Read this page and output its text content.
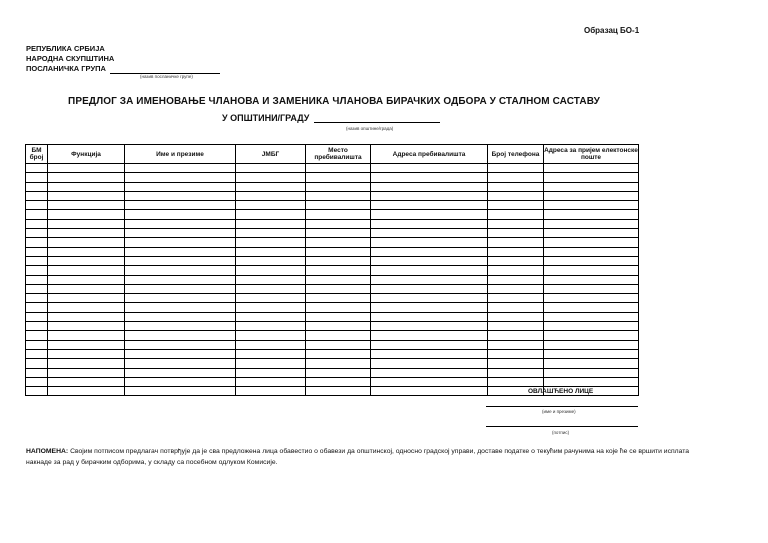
Образац БО-1
РЕПУБЛИКА СРБИЈА
НАРОДНА СКУПШТИНА
ПОСЛАНИЧКА ГРУПА
(назив посланичке групе)
ПРЕДЛОГ ЗА ИМЕНОВАЊЕ ЧЛАНОВА И ЗАМЕНИКА ЧЛАНОВА БИРАЧКИХ ОДБОРА У СТАЛНОМ САСТАВУ
У ОПШТИНИ/ГРАДУ
(назив општине/града)
БМ број	Функција	Име и презиме	ЈМБГ	Место пребивалишта	Адреса пребивалишта	Број телефона	Адреса за пријем електонске поште

ОВЛАШЋЕНО ЛИЦЕ
(име и презиме)
(потпис)
НАПОМЕНА: Својим потписом предлагач потврђује да је сва предложена лица обавестио о обавези да општинској, односно градској управи, доставе податке о текућим рачунима на које ће се вршити исплата накнаде за рад у бирачким одборима, у складу са посебном одлуком Комисије.
